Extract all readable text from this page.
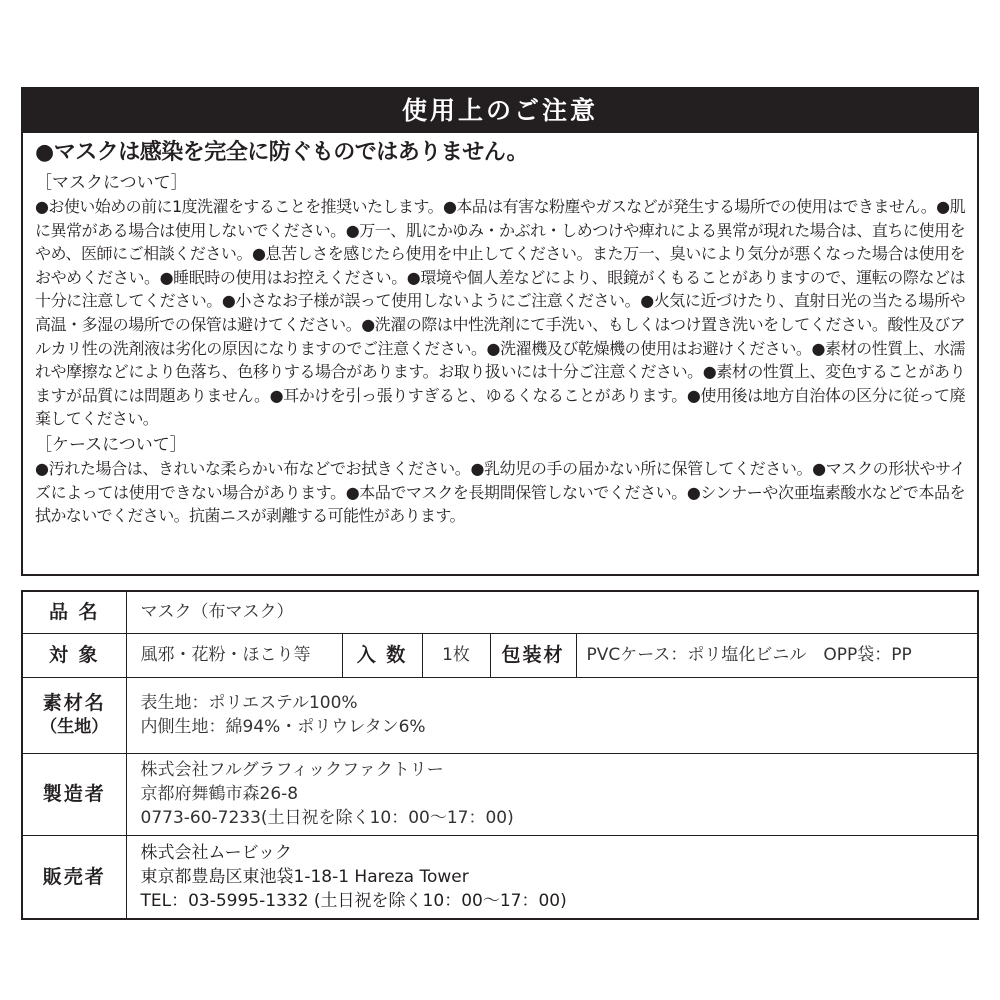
使用上のご注意

●マスクは感染を完全に防ぐものではありません。

［マスクについて］

●お使い始めの前に1度洗濯をすることを推奨いたします。●本品は有害な粉塵やガスなどが発生する場所での使用はできません。●肌に異常がある場合は使用しないでください。●万一、肌にかゆみ・かぶれ・しめつけや痺れによる異常が現れた場合は、直ちに使用をやめ、医師にご相談ください。●息苦しさを感じたら使用を中止してください。また万一、臭いにより気分が悪くなった場合は使用をおやめください。●睡眠時の使用はお控えください。●環境や個人差などにより、眼鏡がくもることがありますので、運転の際などは十分に注意してください。●小さなお子様が誤って使用しないようにご注意ください。●火気に近づけたり、直射日光の当たる場所や高温・多湿の場所での保管は避けてください。●洗濯の際は中性洗剤にて手洗い、もしくはつけ置き洗いをしてください。酸性及びアルカリ性の洗剤液は劣化の原因になりますのでご注意ください。●洗濯機及び乾燥機の使用はお避けください。●素材の性質上、水濡れや摩擦などにより色落ち、色移りする場合があります。お取り扱いには十分ご注意ください。●素材の性質上、変色することがありますが品質には問題ありません。●耳かけを引っ張りすぎると、ゆるくなることがあります。●使用後は地方自治体の区分に従って廃棄してください。

［ケースについて］

●汚れた場合は、きれいな柔らかい布などでお拭きください。●乳幼児の手の届かない所に保管してください。●マスクの形状やサイズによっては使用できない場合があります。●本品でマスクを長期間保管しないでください。●シンナーや次亜塩素酸水などで本品を拭かないでください。抗菌ニスが剥離する可能性があります。

品 名	マスク（布マスク）				
対 象	風邪・花粉・ほこり等	入 数	1枚	包装材	PVCケース：ポリ塩化ビニル　OPP袋：PP

素材名
（生地）	表生地：ポリエステル100%
内側生地：綿94%・ポリウレタン6%				

製造者	株式会社フルグラフィックファクトリー
京都府舞鶴市森26-8
0773-60-7233(土日祝を除く10：00〜17：00)				

販売者	株式会社ムービック
東京都豊島区東池袋1-18-1 Hareza Tower
TEL：03-5995-1332 (土日祝を除く10：00〜17：00)				
